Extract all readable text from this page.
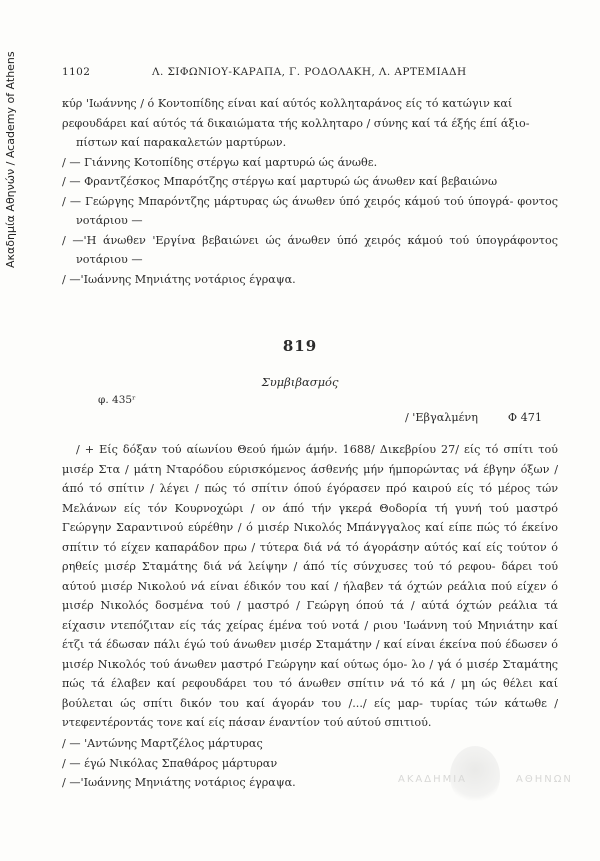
Ακαδημία Αθηνών / Academy of Athens	1102	Λ. ΣΙΦΩΝΙΟΥ-ΚΑΡΑΠΑ, Γ. ΡΟΔΟΛΑΚΗ, Λ. ΑΡΤΕΜΙΑΔΗ

κύρ 'Ιωάννης / ό Κοντοπίδης είναι καί αύτός κολληταράνος είς τό κατώγιν καί

ρεφουδάρει καί αύτός τά δικαιώματα τής κολληταρο / σύνης καί τά έξής έπί άξιο-

πίστων καί παρακαλετών μαρτύρων.

/ — Γιάννης Κοτοπίδης στέργω καί μαρτυρώ ώς άνωθε.

/ — Φραντζέσκος Μπαρότζης στέργω καί μαρτυρώ ώς άνωθεν καί βεβαιώνω

/ — Γεώργης Μπαρόντζης μάρτυρας ώς άνωθεν ύπό χειρός κάμού τού ύπογρά- φοντος νοτάριου —

/ —'Η άνωθεν 'Εργίνα βεβαιώνει ώς άνωθεν ύπό χειρός κάμού τού ύπογράφοντος νοτάριου —

/ —'Ιωάννης Μηνιάτης νοτάριος έγραψα.

819
Συμβιβασμός
φ. 435ʳ
/ 'Εβγαλμένη	Φ 471

/ + Είς δόξαν τού αίωνίου Θεού ήμών άμήν. 1688/ Δικεβρίου 27/ είς τό σπίτι τού μισέρ Στα / μάτη Νταρόδου εύρισκόμενος άσθενής μήν ήμπορώντας νά έβγην όξων / άπό τό σπίτιν / λέγει / πώς τό σπίτιν όπού έγόρασεν πρό καιρού είς τό μέρος τών Μελάνων είς τόν Κουρνοχώρι / ον άπό τήν γκερά Θοδορία τή γυνή τού μαστρό Γεώργην Σαραντινού εύρέθην / ό μισέρ Νικολός Μπάνγγαλος καί είπε πώς τό έκείνο σπίτιν τό είχεν καπαράδον πρω / τύτερα διά νά τό άγοράσην αύτός καί είς τούτον ό ρηθείς μισέρ Σταμάτης διά νά λείψην / άπό τίς σύνχυσες τού τό ρεφου- δάρει τού αύτού μισέρ Νικολού νά είναι έδικόν του καί / ήλαβεν τά όχτών ρεάλια πού είχεν ό μισέρ Νικολός δοσμένα τού / μαστρό / Γεώργη όπού τά / αύτά όχτών ρεάλια τά είχασιν ντεπόζιταν είς τάς χείρας έμένα τού νοτά / ριου 'Ιωάννη τού Μηνιάτην καί έτζι τά έδωσαν πάλι έγώ τού άνωθεν μισέρ Σταμάτην / καί είναι έκείνα πού έδωσεν ό μισέρ Νικολός τού άνωθεν μαστρό Γεώργην καί ούτως όμο- λο / γά ό μισέρ Σταμάτης πώς τά έλαβεν καί ρεφουδάρει του τό άνωθεν σπίτιν νά τό κά / μη ώς θέλει καί βούλεται ώς σπίτι δικόν του καί άγοράν του /.../ είς μαρ- τυρίας τών κάτωθε / ντεφεντέροντάς τονε καί είς πάσαν έναντίον τού αύτού σπιτιού.

/ — 'Αντώνης Μαρτζέλος μάρτυρας

/ — έγώ Νικόλας Σπαθάρος μάρτυραν

/ —'Ιωάννης Μηνιάτης νοτάριος έγραψα.	ΑΚΑΔΗΜΙΑ	ΑΘΗΝΩΝ
